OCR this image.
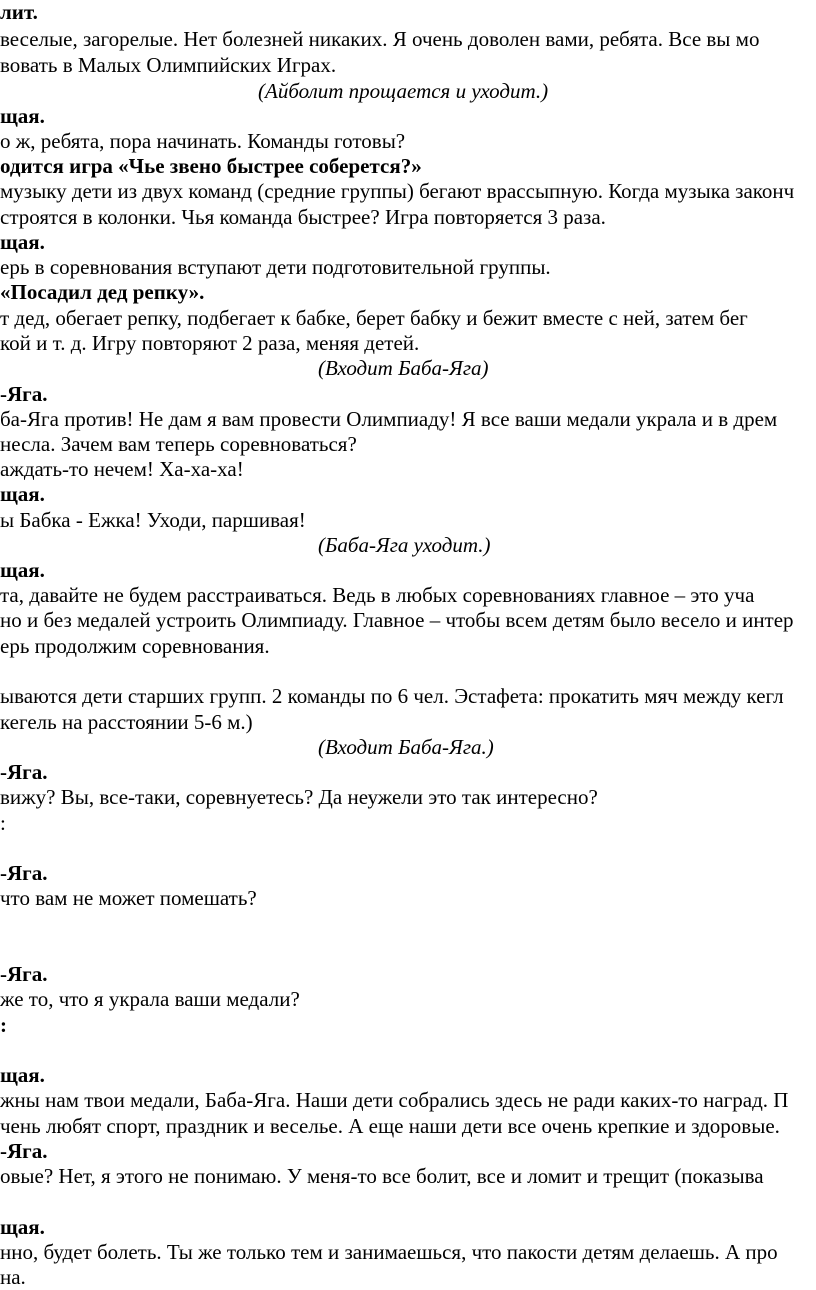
лит.

веселые, загорелые. Нет болезней никаких. Я очень доволен вами, ребята. Все вы мо

вовать в Малых Олимпийских Играх.

(Айболит прощается и уходит.)

щая.

о ж, ребята, пора начинать. Команды готовы?

одится игра «Чье звено быстрее соберется?»

музыку дети из двух команд (средние группы) бегают врассыпную. Когда музыка законч

строятся в колонки. Чья команда быстрее? Игра повторяется 3 раза.

щая.

ерь в соревнования вступают дети подготовительной группы.

«Посадил дед репку».

т дед, обегает репку, подбегает к бабке, берет бабку и бежит вместе с ней, затем бег

кой и т. д. Игру повторяют 2 раза, меняя детей.

(Входит Баба-Яга)

-Яга.

ба-Яга против! Не дам я вам провести Олимпиаду! Я все ваши медали украла и в дрем

несла. Зачем вам теперь соревноваться?

аждать-то нечем! Ха-ха-ха!

щая.

ы Бабка - Ежка! Уходи, паршивая!

(Баба-Яга уходит.)

щая.

та, давайте не будем расстраиваться. Ведь в любых соревнованиях главное – это уча

но и без медалей устроить Олимпиаду. Главное – чтобы всем детям было весело и интер

ерь продолжим соревнования.

ываются дети старших групп. 2 команды по 6 чел. Эстафета: прокатить мяч между кегл

кегель на расстоянии 5-6 м.)

(Входит Баба-Яга.)

-Яга.

вижу? Вы, все-таки, соревнуетесь? Да неужели это так интересно?

:

-Яга.

что вам не может помешать?

-Яга.

же то, что я украла ваши медали?

:

щая.

жны нам твои медали, Баба-Яга. Наши дети собрались здесь не ради каких-то наград. П

чень любят спорт, праздник и веселье. А еще наши дети все очень крепкие и здоровые.

-Яга.

овые? Нет, я этого не понимаю. У меня-то все болит, все и ломит и трещит (показыва

щая.

нно, будет болеть. Ты же только тем и занимаешься, что пакости детям делаешь. А про

на.
